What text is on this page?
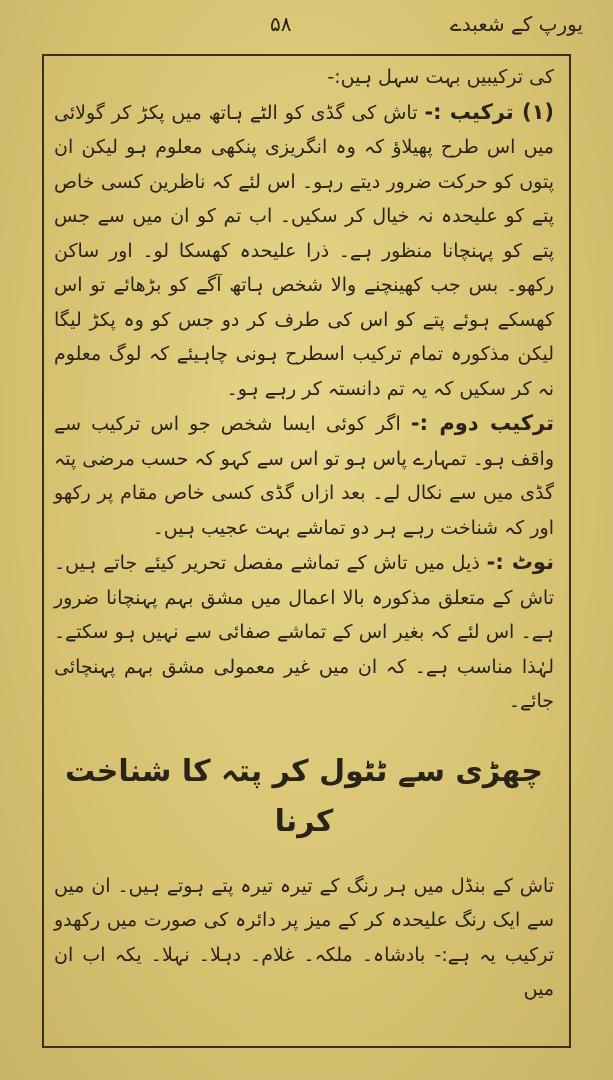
یورپ کے شعبدے
۵۸

کی ترکیبیں بہت سہل ہیں:-

(۱) ترکیب :- تاش کی گڈی کو الٹے ہاتھ میں پکڑ کر گولائی میں اس طرح پھیلاؤ کہ وہ انگریزی پنکھی معلوم ہو لیکن ان پتوں کو حرکت ضرور دیتے رہو۔ اس لئے کہ ناظرین کسی خاص پتے کو علیحدہ نہ خیال کر سکیں۔ اب تم کو ان میں سے جس پتے کو پہنچانا منظور ہے۔ ذرا علیحدہ کھسکا لو۔ اور ساکن رکھو۔ بس جب کھینچنے والا شخص ہاتھ آگے کو بڑھائے تو اس کھسکے ہوئے پتے کو اس کی طرف کر دو جس کو وہ پکڑ لیگا لیکن مذکورہ تمام ترکیب اسطرح ہونی چاہیئے کہ لوگ معلوم نہ کر سکیں کہ یہ تم دانستہ کر رہے ہو۔

ترکیب دوم :- اگر کوئی ایسا شخص جو اس ترکیب سے واقف ہو۔ تمہارے پاس ہو تو اس سے کہو کہ حسب مرضی پتہ گڈی میں سے نکال لے۔ بعد ازاں گڈی کسی خاص مقام پر رکھو اور کہ شناخت رہے ہر دو تماشے بہت عجیب ہیں۔

نوٹ :- ذیل میں تاش کے تماشے مفصل تحریر کیئے جاتے ہیں۔ تاش کے متعلق مذکورہ بالا اعمال میں مشق بہم پہنچانا ضرور ہے۔ اس لئے کہ بغیر اس کے تماشے صفائی سے نہیں ہو سکتے۔ لہٰذا مناسب ہے۔ کہ ان میں غیر معمولی مشق بہم پہنچائی جائے۔

چھڑی سے ٹٹول کر پتہ کا شناخت کرنا

تاش کے بنڈل میں ہر رنگ کے تیرہ تیرہ پتے ہوتے ہیں۔ ان میں سے ایک رنگ علیحدہ کر کے میز پر دائرہ کی صورت میں رکھدو ترکیب یہ ہے:- بادشاہ۔ ملکہ۔ غلام۔ دہلا۔ نہلا۔ یکہ اب ان میں
